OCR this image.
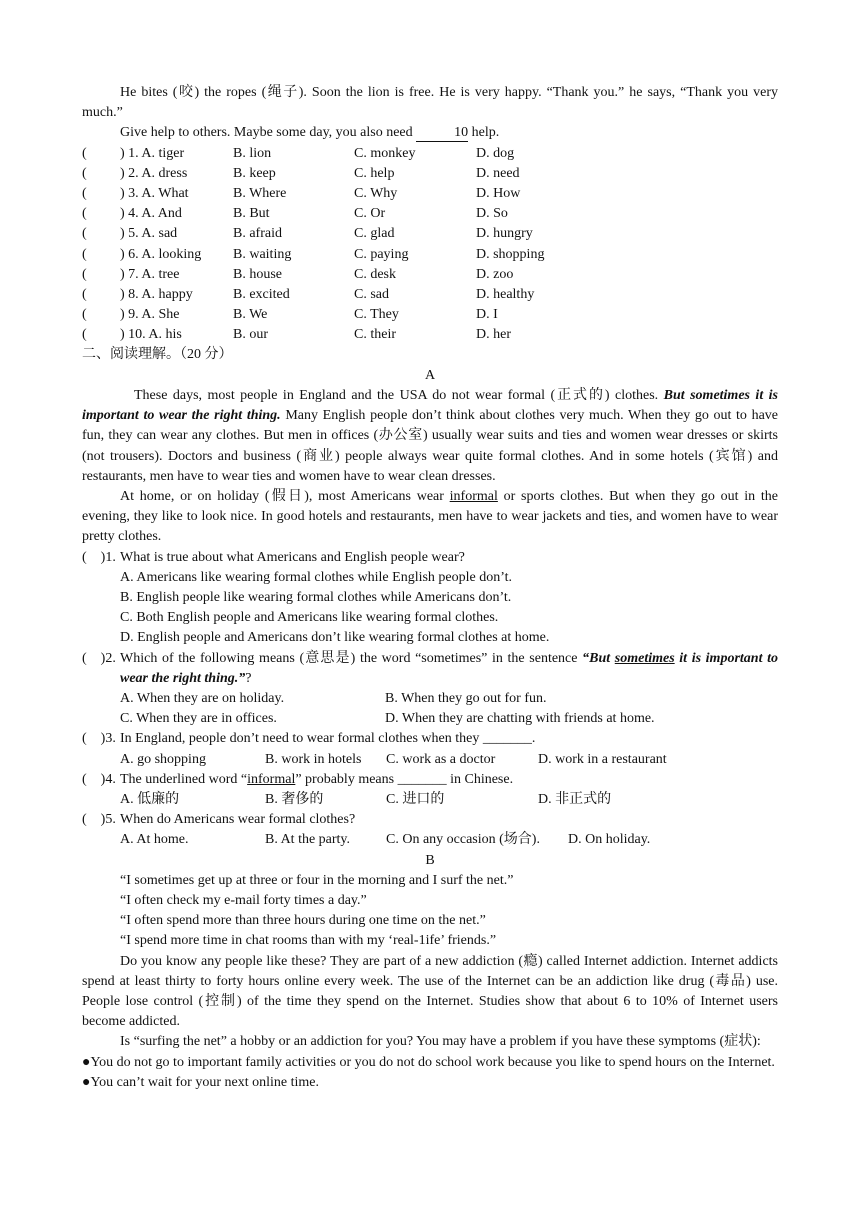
He bites (咬) the ropes (绳子). Soon the lion is free. He is very happy. “Thank you.” he says, “Thank you very much.”

Give help to others. Maybe some day, you also need	10 help.

(	) 1. A. tiger	B. lion	C. monkey	D. dog
(	) 2. A. dress	B. keep	C. help	D. need
(	) 3. A. What	B. Where	C. Why	D. How
(	) 4. A. And	B. But	C. Or	D. So
(	) 5. A. sad	B. afraid	C. glad	D. hungry
(	) 6. A. looking	B. waiting	C. paying	D. shopping
(	) 7. A. tree	B. house	C. desk	D. zoo
(	) 8. A. happy	B. excited	C. sad	D. healthy
(	) 9. A. She	B. We	C. They	D. I
(	) 10. A. his	B. our	C. their	D. her

二、阅读理解。（20 分）

A

These days, most people in England and the USA do not wear formal (正式的) clothes. But sometimes it is important to wear the right thing. Many English people don’t think about clothes very much. When they go out to have fun, they can wear any clothes. But men in offices (办公室) usually wear suits and ties and women wear dresses or skirts (not trousers). Doctors and business (商业) people always wear quite formal clothes. And in some hotels (宾馆) and restaurants, men have to wear ties and women have to wear clean dresses.

At home, or on holiday (假日), most Americans wear informal or sports clothes. But when they go out in the evening, they like to look nice. In good hotels and restaurants, men have to wear jackets and ties, and women have to wear pretty clothes.

(　)1. What is true about what Americans and English people wear?

A. Americans like wearing formal clothes while English people don’t.

B. English people like wearing formal clothes while Americans don’t.

C. Both English people and Americans like wearing formal clothes.

D. English people and Americans don’t like wearing formal clothes at home.

(　)2. Which of the following means (意思是) the word “sometimes” in the sentence “But sometimes it is important to wear the right thing.”?
A. When they are on holiday.	B. When they go out for fun.
C. When they are in offices.	D. When they are chatting with friends at home.
(　)3. In England, people don’t need to wear formal clothes when they _______.
A. go shopping	B. work in hotels	C. work as a doctor	D. work in a restaurant
(　)4. The underlined word “informal” probably means _______ in Chinese.
A. 低廉的	B. 奢侈的	C. 进口的	D. 非正式的
(　)5. When do Americans wear formal clothes?
A. At home.	B. At the party.	C. On any occasion (场合).	D. On holiday.

B

“I sometimes get up at three or four in the morning and I surf the net.”

“I often check my e-mail forty times a day.”

“I often spend more than three hours during one time on the net.”

“I spend more time in chat rooms than with my ‘real-1ife’ friends.”

Do you know any people like these? They are part of a new addiction (瘾) called Internet addiction. Internet addicts spend at least thirty to forty hours online every week. The use of the Internet can be an addiction like drug (毒品) use. People lose control (控制) of the time they spend on the Internet. Studies show that about 6 to 10% of Internet users become addicted.

Is “surfing the net” a hobby or an addiction for you? You may have a problem if you have these symptoms (症状):

●You do not go to important family activities or you do not do school work because you like to spend hours on the Internet.

●You can’t wait for your next online time.
